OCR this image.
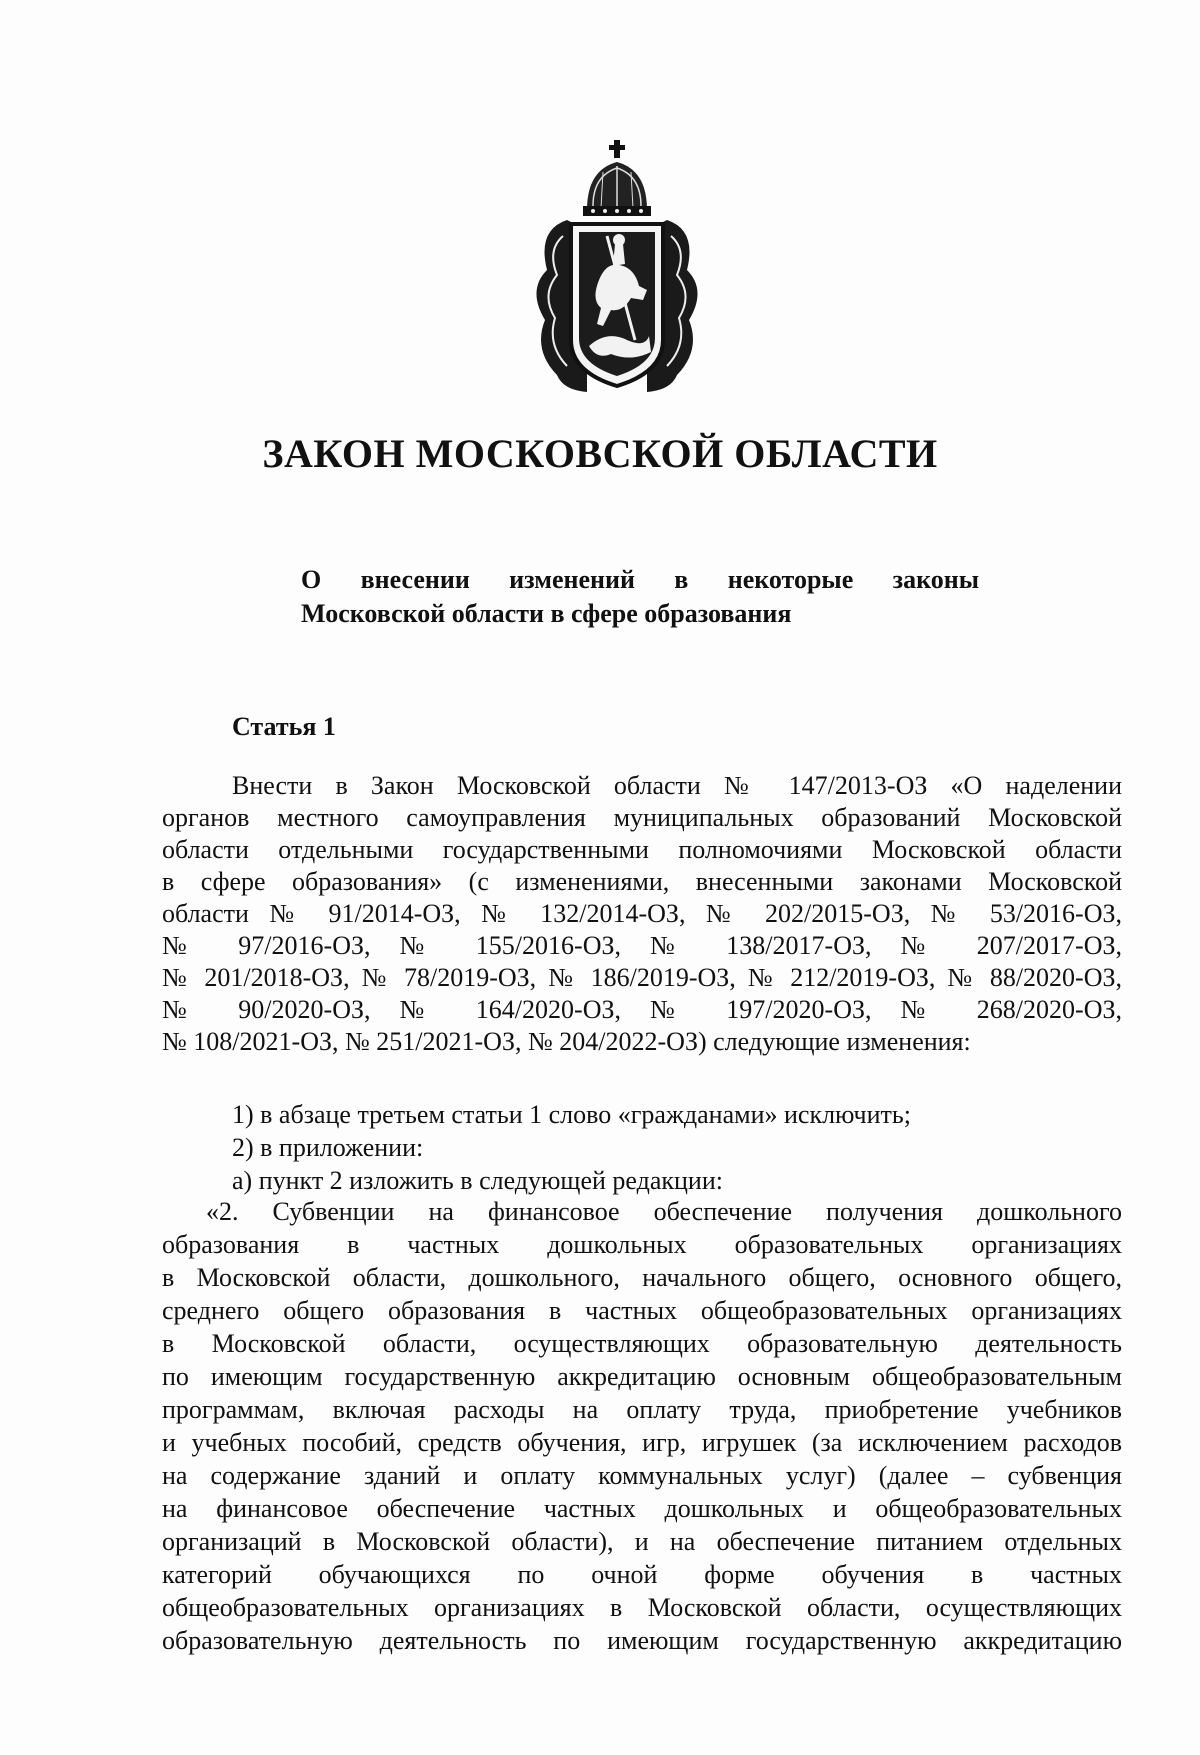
ЗАКОН МОСКОВСКОЙ ОБЛАСТИ
О внесении изменений в некоторые законы
Московской области в сфере образования
Статья 1
Внести в Закон Московской области № 147/2013-ОЗ «О наделении
органов местного самоуправления муниципальных образований Московской
области отдельными государственными полномочиями Московской области
в сфере образования» (с изменениями, внесенными законами Московской
области № 91/2014-ОЗ, № 132/2014-ОЗ, № 202/2015-ОЗ, № 53/2016-ОЗ,
№ 97/2016-ОЗ, № 155/2016-ОЗ, № 138/2017-ОЗ, № 207/2017-ОЗ,
№ 201/2018-ОЗ, № 78/2019-ОЗ, № 186/2019-ОЗ, № 212/2019-ОЗ, № 88/2020-ОЗ,
№ 90/2020-ОЗ, № 164/2020-ОЗ, № 197/2020-ОЗ, № 268/2020-ОЗ,
№ 108/2021-ОЗ, № 251/2021-ОЗ, № 204/2022-ОЗ) следующие изменения:
1) в абзаце третьем статьи 1 слово «гражданами» исключить;
2) в приложении:
а) пункт 2 изложить в следующей редакции:
«2. Субвенции на финансовое обеспечение получения дошкольного
образования в частных дошкольных образовательных организациях
в Московской области, дошкольного, начального общего, основного общего,
среднего общего образования в частных общеобразовательных организациях
в Московской области, осуществляющих образовательную деятельность
по имеющим государственную аккредитацию основным общеобразовательным
программам, включая расходы на оплату труда, приобретение учебников
и учебных пособий, средств обучения, игр, игрушек (за исключением расходов
на содержание зданий и оплату коммунальных услуг) (далее – субвенция
на финансовое обеспечение частных дошкольных и общеобразовательных
организаций в Московской области), и на обеспечение питанием отдельных
категорий обучающихся по очной форме обучения в частных
общеобразовательных организациях в Московской области, осуществляющих
образовательную деятельность по имеющим государственную аккредитацию
